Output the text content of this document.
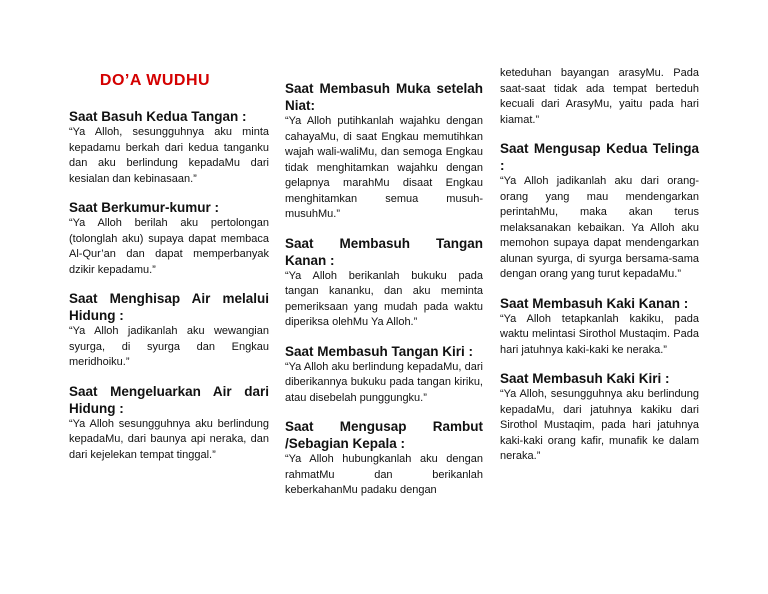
DO’A WUDHU
Saat Basuh Kedua Tangan :
“Ya Alloh, sesungguhnya aku minta kepadamu berkah dari kedua tanganku dan aku berlindung kepadaMu dari kesialan dan kebinasaan.”
Saat Berkumur-kumur :
“Ya Alloh berilah aku pertolongan (tolonglah aku) supaya dapat membaca Al-Qur’an dan dapat memperbanyak dzikir kepadamu.”
Saat Menghisap Air melalui Hidung :
“Ya Alloh jadikanlah aku wewangian syurga, di syurga dan Engkau meridhoiku.”
Saat Mengeluarkan Air dari Hidung :
“Ya Alloh sesungguhnya aku berlindung kepadaMu, dari baunya api neraka, dan dari kejelekan tempat tinggal.”
Saat Membasuh Muka setelah Niat:
“Ya Alloh putihkanlah wajahku dengan cahayaMu, di saat Engkau memutihkan wajah wali-waliMu, dan semoga Engkau tidak menghitamkan wajahku dengan gelapnya marahMu disaat Engkau menghitamkan semua musuh-musuhMu.”
Saat Membasuh Tangan Kanan :
“Ya Alloh berikanlah bukuku pada tangan kananku, dan aku meminta pemeriksaan yang mudah pada waktu diperiksa olehMu Ya Alloh.”
Saat Membasuh Tangan Kiri :
“Ya Alloh aku berlindung kepadaMu, dari diberikannya bukuku pada tangan kiriku, atau disebelah punggungku.”
Saat Mengusap Rambut /Sebagian Kepala :
“Ya Alloh hubungkanlah aku dengan rahmatMu dan berikanlah keberkahanMu padaku dengan
keteduhan bayangan arasyMu. Pada saat-saat tidak ada tempat berteduh kecuali dari ArasyMu, yaitu pada hari kiamat.”
Saat Mengusap Kedua Telinga :
“Ya Alloh jadikanlah aku dari orang-orang yang mau mendengarkan perintahMu, maka akan terus melaksanakan kebaikan. Ya Alloh aku memohon supaya dapat mendengarkan alunan syurga, di syurga bersama-sama dengan orang yang turut kepadaMu.”
Saat Membasuh Kaki Kanan :
“Ya Alloh tetapkanlah kakiku, pada waktu melintasi Sirothol Mustaqim. Pada hari jatuhnya kaki-kaki ke neraka.”
Saat Membasuh Kaki Kiri :
“Ya Alloh, sesungguhnya aku berlindung kepadaMu, dari jatuhnya kakiku dari Sirothol Mustaqim, pada hari jatuhnya kaki-kaki orang kafir, munafik ke dalam neraka.”
